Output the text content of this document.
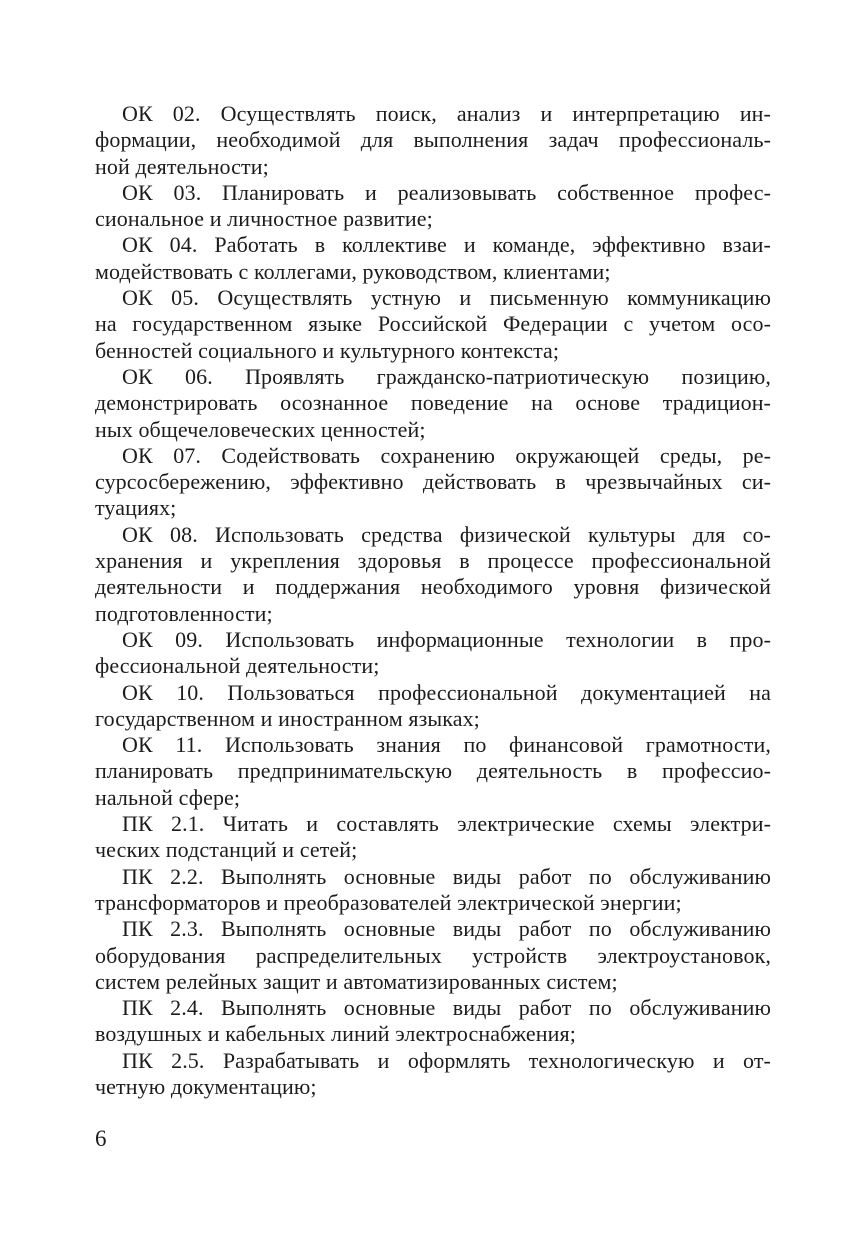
ОК 02. Осуществлять поиск, анализ и интерпретацию ин-
формации, необходимой для выполнения задач профессиональ-
ной деятельности;
ОК 03. Планировать и реализовывать собственное профес-
сиональное и личностное развитие;
ОК 04. Работать в коллективе и команде, эффективно взаи-
модействовать с коллегами, руководством, клиентами;
ОК 05. Осуществлять устную и письменную коммуникацию
на государственном языке Российской Федерации с учетом осо-
бенностей социального и культурного контекста;
ОК 06. Проявлять гражданско-патриотическую позицию,
демонстрировать осознанное поведение на основе традицион-
ных общечеловеческих ценностей;
ОК 07. Содействовать сохранению окружающей среды, ре-
сурсосбережению, эффективно действовать в чрезвычайных си-
туациях;
ОК 08. Использовать средства физической культуры для со-
хранения и укрепления здоровья в процессе профессиональной
деятельности и поддержания необходимого уровня физической
подготовленности;
ОК 09. Использовать информационные технологии в про-
фессиональной деятельности;
ОК 10. Пользоваться профессиональной документацией на
государственном и иностранном языках;
ОК 11. Использовать знания по финансовой грамотности,
планировать предпринимательскую деятельность в профессио-
нальной сфере;
ПК 2.1. Читать и составлять электрические схемы электри-
ческих подстанций и сетей;
ПК 2.2. Выполнять основные виды работ по обслуживанию
трансформаторов и преобразователей электрической энергии;
ПК 2.3. Выполнять основные виды работ по обслуживанию
оборудования распределительных устройств электроустановок,
систем релейных защит и автоматизированных систем;
ПК 2.4. Выполнять основные виды работ по обслуживанию
воздушных и кабельных линий электроснабжения;
ПК 2.5. Разрабатывать и оформлять технологическую и от-
четную документацию;
6
